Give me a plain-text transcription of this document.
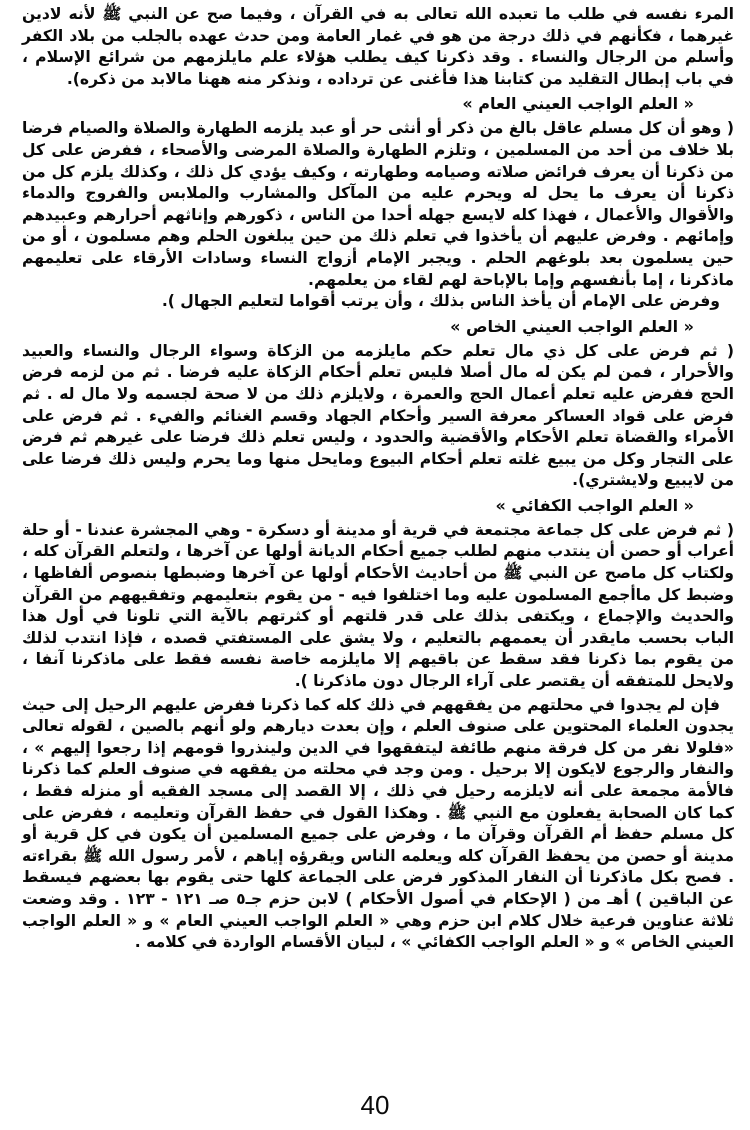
المرء نفسه في طلب ما تعبده الله تعالى به في القرآن ، وفيما صح عن النبي ﷺ لأنه لادين غيرهما ، فكأنهم في ذلك درجة من هو في غمار العامة ومن حدث عهده بالجلب من بلاد الكفر وأسلم من الرجال والنساء . وقد ذكرنا كيف يطلب هؤلاء علم مايلزمهم من شرائع الإسلام ، في باب إبطال التقليد من كتابنا هذا فأغنى عن ترداده ، ونذكر منه ههنا مالابد من ذكره).

« العلم الواجب العيني العام »

( وهو أن كل مسلم عاقل بالغ من ذكر أو أنثى حر أو عبد يلزمه الطهارة والصلاة والصيام فرضا بلا خلاف من أحد من المسلمين ، وتلزم الطهارة والصلاة المرضى والأصحاء ، ففرض على كل من ذكرنا أن يعرف فرائض صلاته وصيامه وطهارته ، وكيف يؤدي كل ذلك ، وكذلك يلزم كل من ذكرنا أن يعرف ما يحل له ويحرم عليه من المآكل والمشارب والملابس والفروج والدماء والأقوال والأعمال ، فهذا كله لايسع جهله أحدا من الناس ، ذكورهم وإناثهم أحرارهم وعبيدهم وإمائهم . وفرض عليهم أن يأخذوا في تعلم ذلك من حين يبلغون الحلم وهم مسلمون ، أو من حين يسلمون بعد بلوغهم الحلم . ويجبر الإمام أزواج النساء وسادات الأرقاء على تعليمهم ماذكرنا ، إما بأنفسهم وإما بالإباحة لهم لقاء من يعلمهم.

وفرض على الإمام أن يأخذ الناس بذلك ، وأن يرتب أقواما لتعليم الجهال ).

« العلم الواجب العيني الخاص »

( ثم فرض على كل ذي مال تعلم حكم مايلزمه من الزكاة وسواء الرجال والنساء والعبيد والأحرار ، فمن لم يكن له مال أصلا فليس تعلم أحكام الزكاة عليه فرضا . ثم من لزمه فرض الحج ففرض عليه تعلم أعمال الحج والعمرة ، ولايلزم ذلك من لا صحة لجسمه ولا مال له . ثم فرض على قواد العساكر معرفة السير وأحكام الجهاد وقسم الغنائم والفيء . ثم فرض على الأمراء والقضاة تعلم الأحكام والأقضية والحدود ، وليس تعلم ذلك فرضا على غيرهم ثم فرض على التجار وكل من يبيع غلته تعلم أحكام البيوع ومايحل منها وما يحرم وليس ذلك فرضا على من لايبيع ولايشتري).

« العلم الواجب الكفائي »

( ثم فرض على كل جماعة مجتمعة في قرية أو مدينة أو دسكرة - وهي المجشرة عندنا - أو حلة أعراب أو حصن أن ينتدب منهم لطلب جميع أحكام الديانة أولها عن آخرها ، ولتعلم القرآن كله ، ولكتاب كل ماصح عن النبي ﷺ من أحاديث الأحكام أولها عن آخرها وضبطها بنصوص ألفاظها ، وضبط كل ماأجمع المسلمون عليه وما اختلفوا فيه - من يقوم بتعليمهم وتفقيههم من القرآن والحديث والإجماع ، ويكتفى بذلك على قدر قلتهم أو كثرتهم بالآية التي تلونا في أول هذا الباب بحسب مايقدر أن يعممهم بالتعليم ، ولا يشق على المستفتي قصده ، فإذا انتدب لذلك من يقوم بما ذكرنا فقد سقط عن باقيهم إلا مايلزمه خاصة نفسه فقط على ماذكرنا آنفا ، ولايحل للمتفقه أن يقتصر على آراء الرجال دون ماذكرنا ).

فإن لم يجدوا في محلتهم من يفقههم في ذلك كله كما ذكرنا ففرض عليهم الرحيل إلى حيث يجدون العلماء المحتوين على صنوف العلم ، وإن بعدت ديارهم ولو أنهم بالصين ، لقوله تعالى «فلولا نفر من كل فرقة منهم طائفة ليتفقهوا في الدين ولينذروا قومهم إذا رجعوا إليهم » ، والنفار والرجوع لايكون إلا برحيل . ومن وجد في محلته من يفقهه في صنوف العلم كما ذكرنا فالأمة مجمعة على أنه لايلزمه رحيل في ذلك ، إلا القصد إلى مسجد الفقيه أو منزله فقط ، كما كان الصحابة يفعلون مع النبي ﷺ . وهكذا القول في حفظ القرآن وتعليمه ، ففرض على كل مسلم حفظ أم القرآن وقرآن ما ، وفرض على جميع المسلمين أن يكون في كل قرية أو مدينة أو حصن من يحفظ القرآن كله ويعلمه الناس ويقرؤه إياهم ، لأمر رسول الله ﷺ بقراءته . فصح بكل ماذكرنا أن النفار المذكور فرض على الجماعة كلها حتى يقوم بها بعضهم فيسقط عن الباقين ) أهـ من ( الإحكام في أصول الأحكام ) لابن حزم جـ٥ صـ ١٢١ - ١٢٣ . وقد وضعت ثلاثة عناوين فرعية خلال كلام ابن حزم وهي « العلم الواجب العيني العام » و « العلم الواجب العيني الخاص » و « العلم الواجب الكفائي » ، لبيان الأقسام الواردة في كلامه .

40
